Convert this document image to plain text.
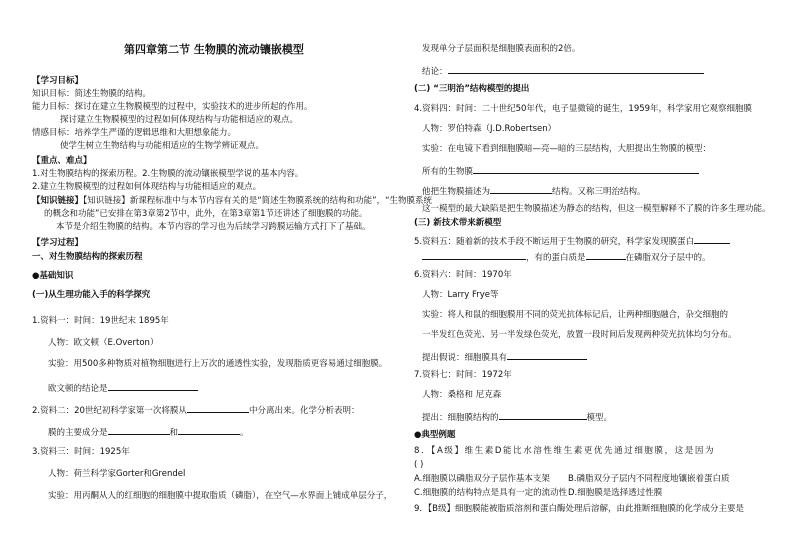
第四章第二节 生物膜的流动镶嵌模型
【学习目标】
知识目标：简述生物膜的结构。
能力目标：探讨在建立生物膜模型的过程中，实验技术的进步所起的作用。
探讨建立生物膜模型的过程如何体现结构与功能相适应的观点。
情感目标：培养学生严谨的逻辑思维和大胆想象能力。
使学生树立生物结构与功能相适应的生物学辨证观点。
【重点、难点】
1.对生物膜结构的探索历程。2.生物膜的流动镶嵌模型学说的基本内容。
2.建立生物膜模型的过程如何体现结构与功能相适应的观点。
【知识链接】【知识链接】新课程标准中与本节内容有关的是“简述生物膜系统的结构和功能”，“生物膜系统
的概念和功能”已安排在第3章第2节中，此外，在第3章第1节还讲述了细胞膜的功能。
本节是介绍生物膜的结构。本节内容的学习也为后续学习跨膜运输方式打下了基础。
【学习过程】
一、对生物膜结构的探索历程
●基础知识
(一)从生理功能入手的科学探究
1.资料一：时间：19世纪末 1895年
人物：欧文顿（E.Overton）
实验：用500多种物质对植物细胞进行上万次的通透性实验，发现脂质更容易通过细胞膜。
欧文顿的结论是
2.资料二：20世纪初科学家第一次将膜从	中分离出来。化学分析表明：
膜的主要成分是	和	。
3.资料三：时间：1925年
人物：荷兰科学家Gorter和Grendel
实验：用丙酮从人的红细胞的细胞膜中提取脂质（磷脂），在空气—水界面上铺成单层分子，
发现单分子层面积是细胞膜表面积的2倍。
结论：
(二) “三明治”结构模型的提出
4.资料四：时间：二十世纪50年代，电子显微镜的诞生，1959年，科学家用它观察细胞膜
人物：罗伯特森（J.D.Robertsen）
实验：在电镜下看到细胞膜暗—亮—暗的三层结构，大胆提出生物膜的模型：
所有的生物膜
他把生物膜描述为	结构。又称三明治结构。
这一模型的最大缺陷是把生物膜描述为静态的结构，但这一模型解释不了膜的许多生理功能。
(三) 新技术带来新模型
5.资料五：随着新的技术手段不断运用于生物膜的研究，科学家发现膜蛋白
，有的蛋白质是	在磷脂双分子层中的。
6.资料六：时间：1970年
人物：Larry Frye等
实验：将人和鼠的细胞膜用不同的荧光抗体标记后，让两种细胞融合，杂交细胞的
一半发红色荧光、另一半发绿色荧光，放置一段时间后发现两种荧光抗体均匀分布。
提出假说：细胞膜具有
7.资料七：时间：1972年
人物：桑格和 尼克森
提出：细胞膜结构的	模型。
●典型例题
8．【A级】维生素D能比水溶性维生素更优先通过细胞膜，这是因为
( )
A.细胞膜以磷脂双分子层作基本支架 B.磷脂双分子层内不同程度地镶嵌着蛋白质
C.细胞膜的结构特点是具有一定的流动性 D.细胞膜是选择透过性膜
9．【B级】细胞膜能被脂质溶剂和蛋白酶处理后溶解，由此推断细胞膜的化学成分主要是
